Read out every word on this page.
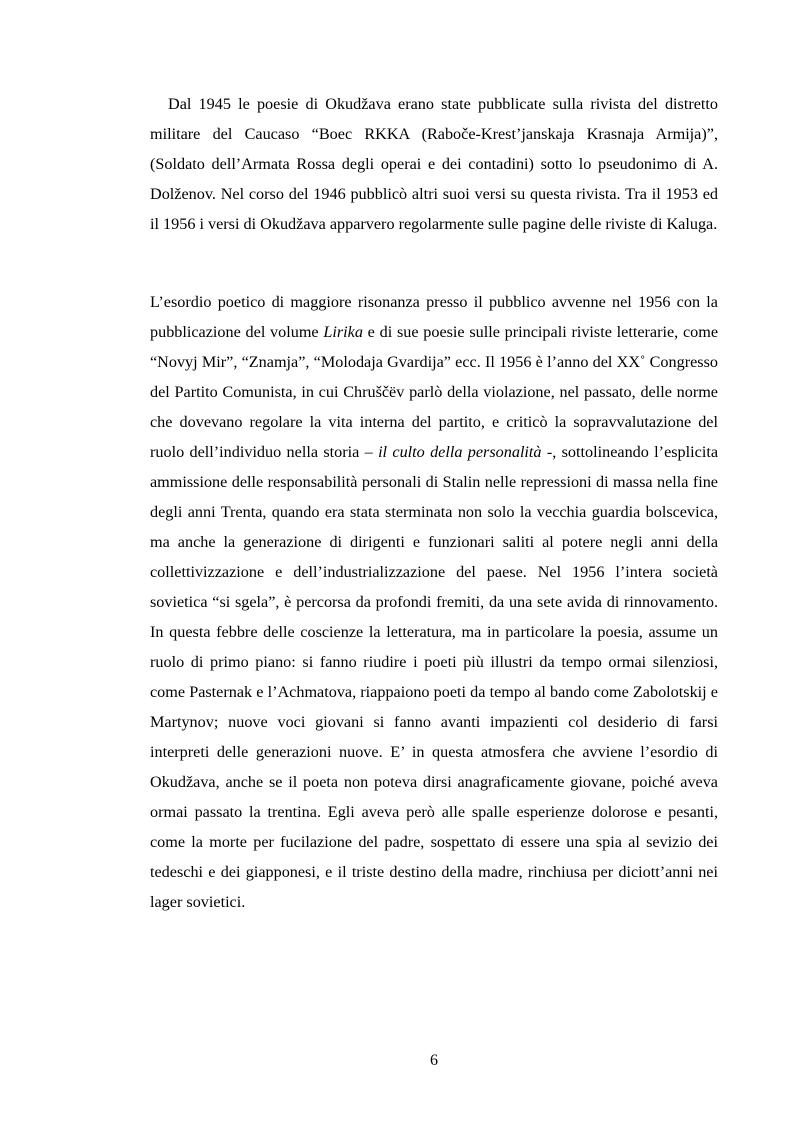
Dal 1945 le poesie di Okudžava erano state pubblicate sulla rivista del distretto militare del Caucaso “Boec RKKA (Raboče-Krest’janskaja Krasnaja Armija)”, (Soldato dell’Armata Rossa degli operai e dei contadini) sotto lo pseudonimo di A. Dolženov. Nel corso del 1946 pubblicò altri suoi versi su questa rivista. Tra il 1953 ed il 1956 i versi di Okudžava apparvero regolarmente sulle pagine delle riviste di Kaluga.

L’esordio poetico di maggiore risonanza presso il pubblico avvenne nel 1956 con la pubblicazione del volume Lirika e di sue poesie sulle principali riviste letterarie, come “Novyj Mir”, “Znamja”, “Molodaja Gvardija” ecc. Il 1956 è l’anno del XX˚ Congresso del Partito Comunista, in cui Chruščëv parlò della violazione, nel passato, delle norme che dovevano regolare la vita interna del partito, e criticò la sopravvalutazione del ruolo dell’individuo nella storia – il culto della personalità -, sottolineando l’esplicita ammissione delle responsabilità personali di Stalin nelle repressioni di massa nella fine degli anni Trenta, quando era stata sterminata non solo la vecchia guardia bolscevica, ma anche la generazione di dirigenti e funzionari saliti al potere negli anni della collettivizzazione e dell’industrializzazione del paese. Nel 1956 l’intera società sovietica “si sgela”, è percorsa da profondi fremiti, da una sete avida di rinnovamento. In questa febbre delle coscienze la letteratura, ma in particolare la poesia, assume un ruolo di primo piano: si fanno riudire i poeti più illustri da tempo ormai silenziosi, come Pasternak e l’Achmatova, riappaiono poeti da tempo al bando come Zabolotskij e Martynov; nuove voci giovani si fanno avanti impazienti col desiderio di farsi interpreti delle generazioni nuove. E’ in questa atmosfera che avviene l’esordio di Okudžava, anche se il poeta non poteva dirsi anagraficamente giovane, poiché aveva ormai passato la trentina. Egli aveva però alle spalle esperienze dolorose e pesanti, come la morte per fucilazione del padre, sospettato di essere una spia al sevizio dei tedeschi e dei giapponesi, e il triste destino della madre, rinchiusa per diciott’anni nei lager sovietici.

6
